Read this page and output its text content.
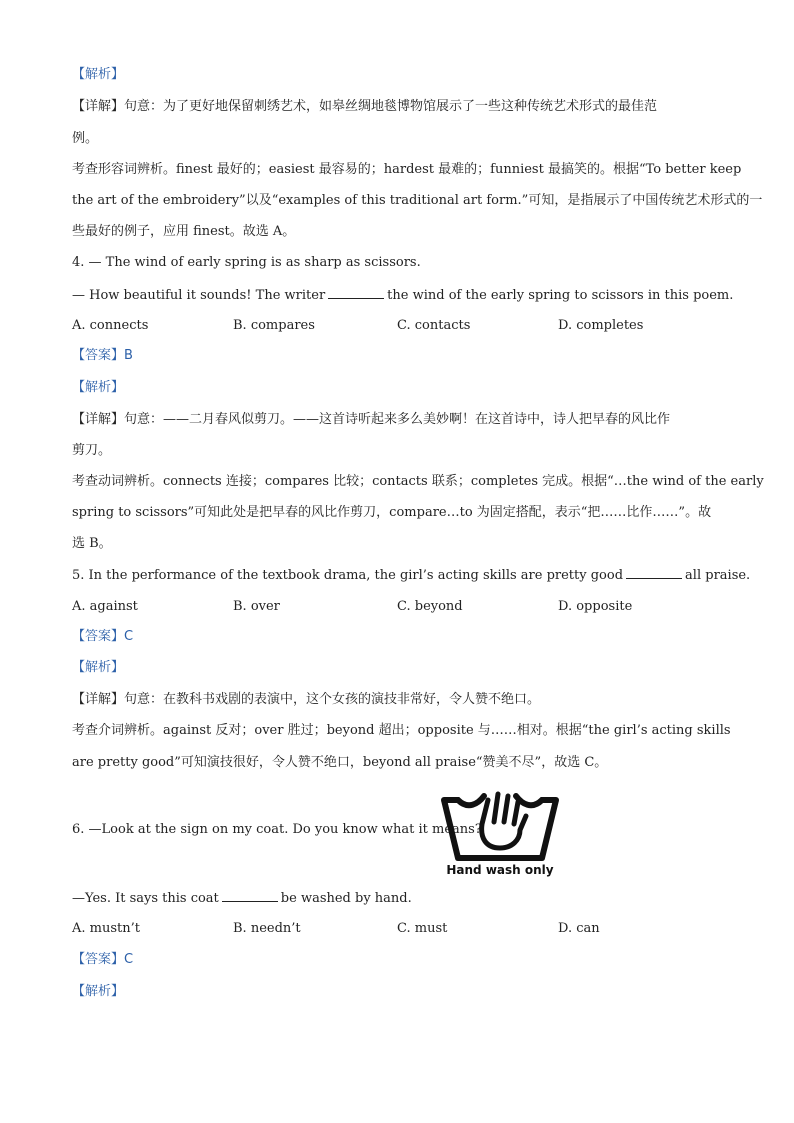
【解析】
【详解】句意：为了更好地保留刺绣艺术，如皋丝绸地毯博物馆展示了一些这种传统艺术形式的最佳范
例。
考查形容词辨析。finest 最好的；easiest 最容易的；hardest 最难的；funniest 最搞笑的。根据“To better keep
the art of the embroidery”以及“examples of this traditional art form.”可知，是指展示了中国传统艺术形式的一
些最好的例子，应用 finest。故选 A。
4. — The wind of early spring is as sharp as scissors.
— How beautiful it sounds! The writer	the wind of the early spring to scissors in this poem.
A. connects	B. compares	C. contacts	D. completes
【答案】B
【解析】
【详解】句意：——二月春风似剪刀。——这首诗听起来多么美妙啊！在这首诗中，诗人把早春的风比作
剪刀。
考查动词辨析。connects 连接；compares 比较；contacts 联系；completes 完成。根据“…the wind of the early
spring to scissors”可知此处是把早春的风比作剪刀，compare…to 为固定搭配，表示“把……比作……”。故
选 B。
5. In the performance of the textbook drama, the girl’s acting skills are pretty good	all praise.
A. against	B. over	C. beyond	D. opposite
【答案】C
【解析】
【详解】句意：在教科书戏剧的表演中，这个女孩的演技非常好，令人赞不绝口。
考查介词辨析。against 反对；over 胜过；beyond 超出；opposite 与……相对。根据“the girl’s acting skills
are pretty good”可知演技很好，令人赞不绝口，beyond all praise“赞美不尽”，故选 C。
6. —Look at the sign on my coat. Do you know what it means?
Hand wash only
—Yes. It says this coat	be washed by hand.
A. mustn’t	B. needn’t	C. must	D. can
【答案】C
【解析】
